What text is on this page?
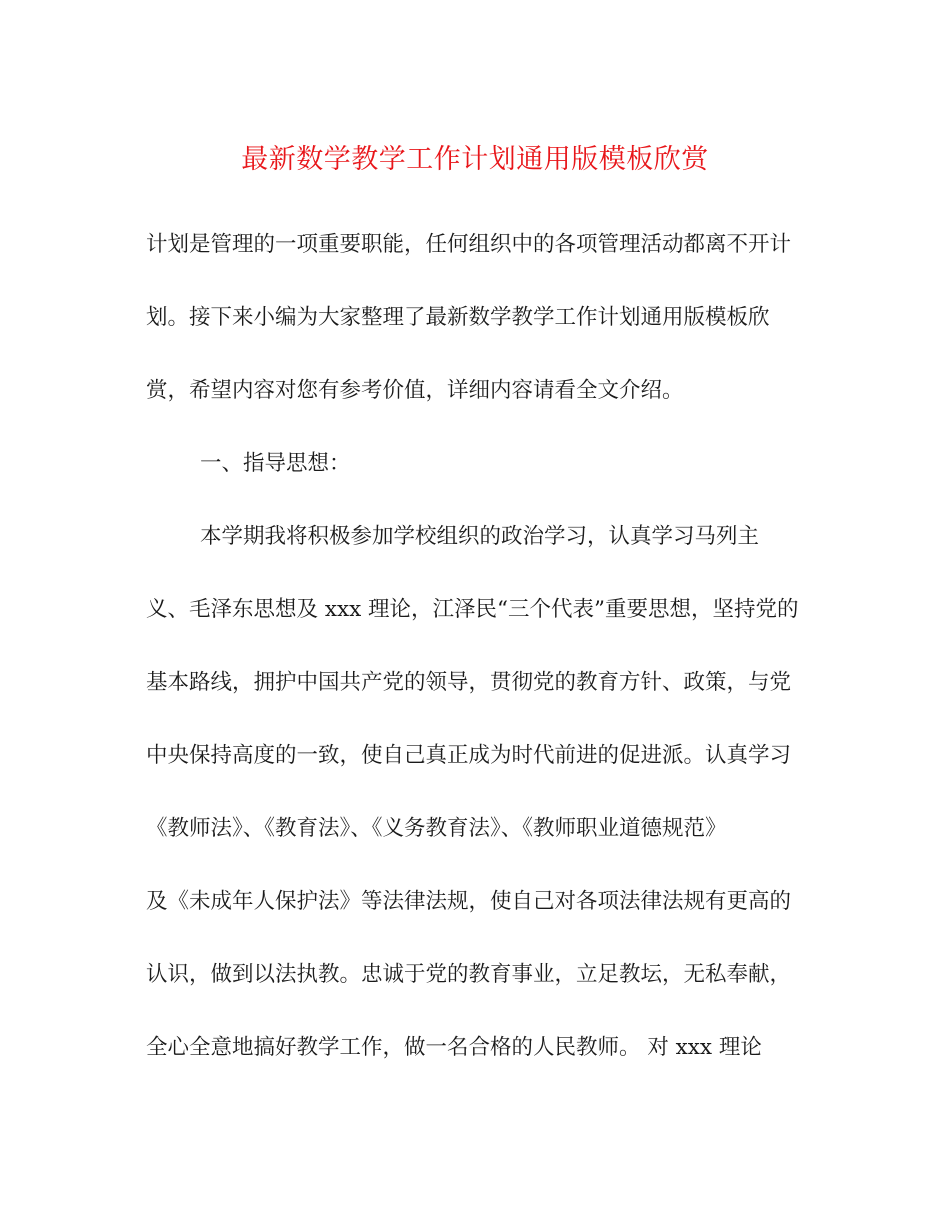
最新数学教学工作计划通用版模板欣赏

计划是管理的一项重要职能，任何组织中的各项管理活动都离不开计

划。接下来小编为大家整理了最新数学教学工作计划通用版模板欣

赏，希望内容对您有参考价值，详细内容请看全文介绍。

一、指导思想：

本学期我将积极参加学校组织的政治学习，认真学习马列主

义、毛泽东思想及 xxx 理论，江泽民“三个代表”重要思想，坚持党的

基本路线，拥护中国共产党的领导，贯彻党的教育方针、政策，与党

中央保持高度的一致，使自己真正成为时代前进的促进派。认真学习

《教师法》、《教育法》、《义务教育法》、《教师职业道德规范》

及《未成年人保护法》等法律法规，使自己对各项法律法规有更高的

认识，做到以法执教。忠诚于党的教育事业，立足教坛，无私奉献，

全心全意地搞好教学工作，做一名合格的人民教师。 对 xxx 理论
